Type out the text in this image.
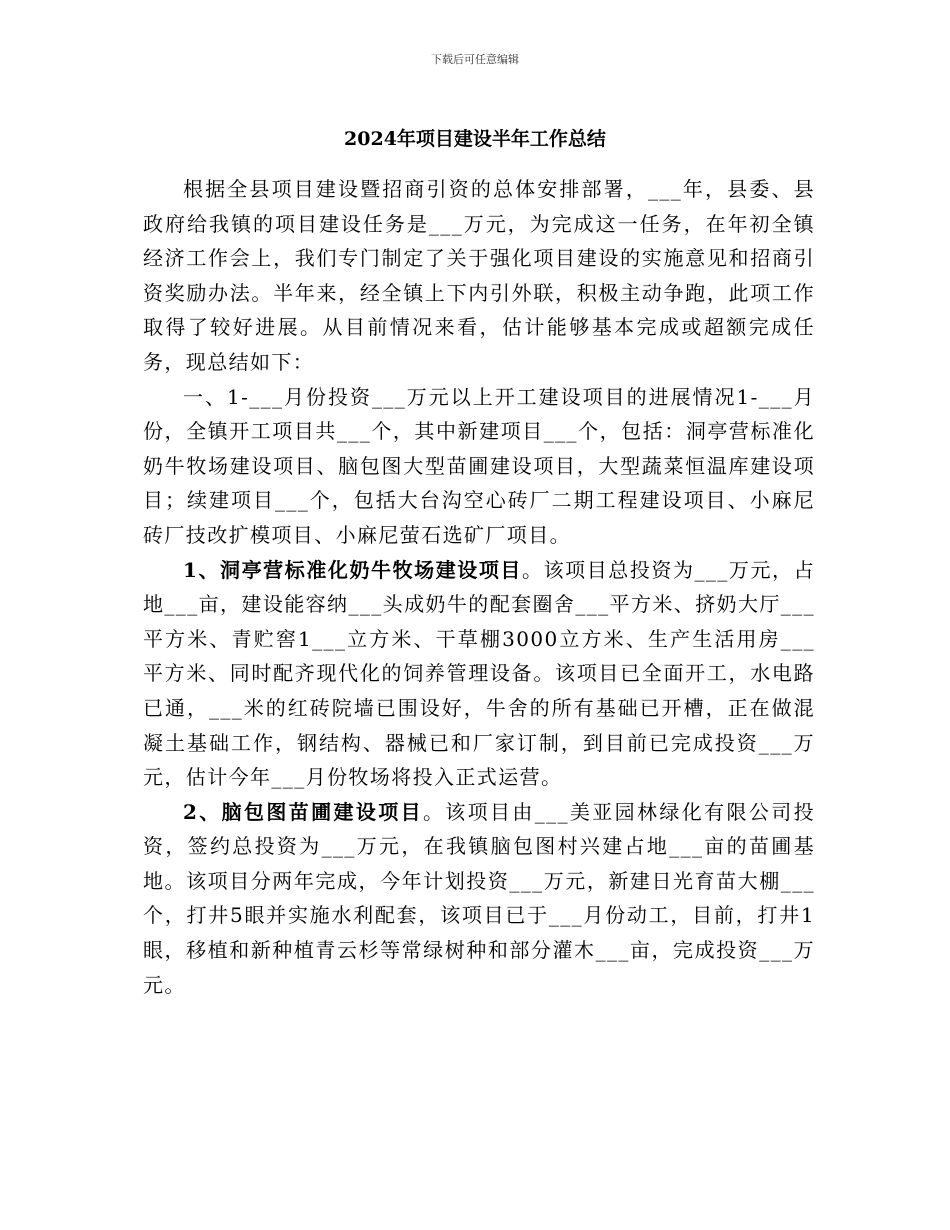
下载后可任意编辑
2024年项目建设半年工作总结

根据全县项目建设暨招商引资的总体安排部署，___年，县委、县政府给我镇的项目建设任务是___万元，为完成这一任务，在年初全镇经济工作会上，我们专门制定了关于强化项目建设的实施意见和招商引资奖励办法。半年来，经全镇上下内引外联，积极主动争跑，此项工作取得了较好进展。从目前情况来看，估计能够基本完成或超额完成任务，现总结如下：

一、1-___月份投资___万元以上开工建设项目的进展情况1-___月份，全镇开工项目共___个，其中新建项目___个，包括：洞亭营标准化奶牛牧场建设项目、脑包图大型苗圃建设项目，大型蔬菜恒温库建设项目；续建项目___个，包括大台沟空心砖厂二期工程建设项目、小麻尼砖厂技改扩模项目、小麻尼萤石选矿厂项目。

1、洞亭营标准化奶牛牧场建设项目。该项目总投资为___万元，占地___亩，建设能容纳___头成奶牛的配套圈舍___平方米、挤奶大厅___平方米、青贮窖1___立方米、干草棚3000立方米、生产生活用房___平方米、同时配齐现代化的饲养管理设备。该项目已全面开工，水电路已通，___米的红砖院墙已围设好，牛舍的所有基础已开槽，正在做混凝土基础工作，钢结构、器械已和厂家订制，到目前已完成投资___万元，估计今年___月份牧场将投入正式运营。

2、脑包图苗圃建设项目。该项目由___美亚园林绿化有限公司投资，签约总投资为___万元，在我镇脑包图村兴建占地___亩的苗圃基地。该项目分两年完成，今年计划投资___万元，新建日光育苗大棚___个，打井5眼并实施水利配套，该项目已于___月份动工，目前，打井1眼，移植和新种植青云杉等常绿树种和部分灌木___亩，完成投资___万元。
